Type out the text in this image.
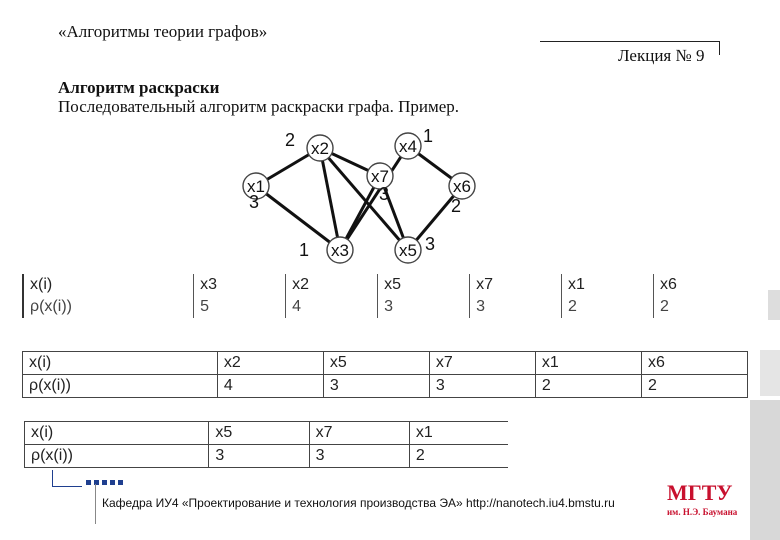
«Алгоритмы теории графов»
Лекция № 9
Алгоритм раскраски
Последовательный алгоритм раскраски графа. Пример.
x1
3
x2
2
x3
1
x4
1
x5 3
x6
2
x7
3
x(i)	x3	x2	x5	x7	x1	x6
ρ(x(i))	5	4	3	3	2	2
x(i)	x2	x5	x7	x1	x6
ρ(x(i))	4	3	3	2	2
x(i)	x5	x7	x1
ρ(x(i))	3	3	2
Кафедра ИУ4 «Проектирование и технология производства ЭА» http://nanotech.iu4.bmstu.ru МГТУ
им. Н.Э. Баумана
